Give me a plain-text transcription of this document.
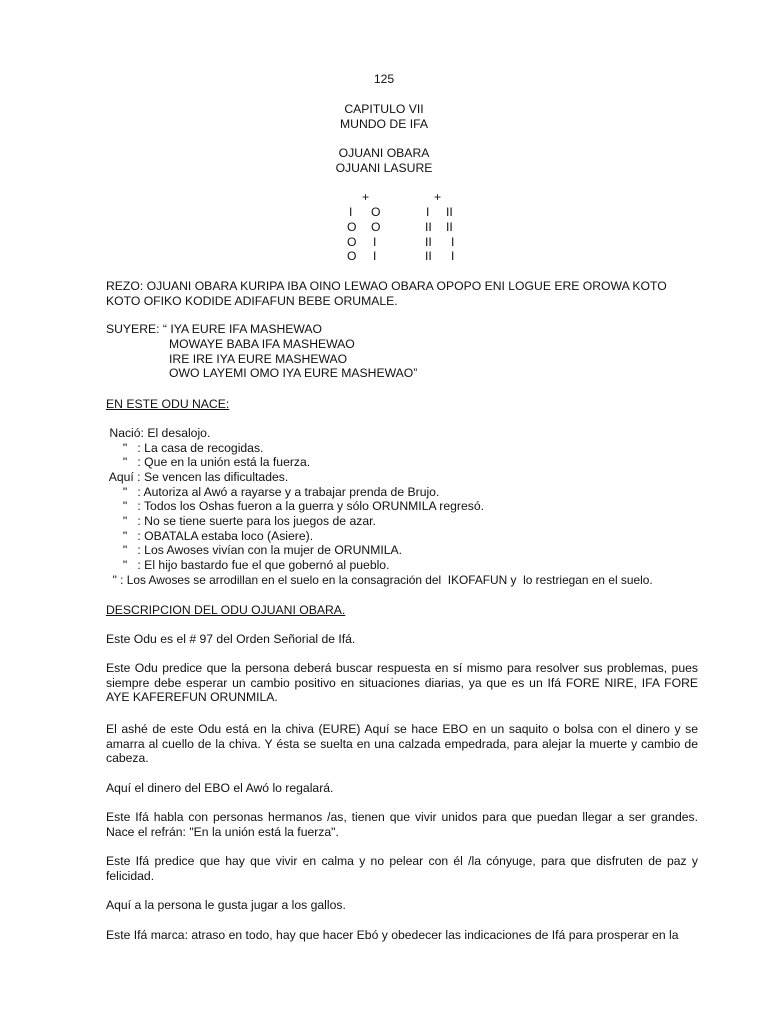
125
CAPITULO VII
MUNDO DE IFA
OJUANI OBARA
OJUANI LASURE
+	+
I O	I II
O O	II II
O I	II I
O I	II I
REZO: OJUANI OBARA KURIPA IBA OINO LEWAO OBARA OPOPO ENI LOGUE ERE OROWA KOTO
KOTO OFIKO KODIDE ADIFAFUN BEBE ORUMALE.
SUYERE: “ IYA EURE IFA MASHEWAO
MOWAYE BABA IFA MASHEWAO
IRE IRE IYA EURE MASHEWAO
OWO LAYEMI OMO IYA EURE MASHEWAO”
EN ESTE ODU NACE:
Nació: El desalojo.
"   : La casa de recogidas.
"   : Que en la unión está la fuerza.
Aquí : Se vencen las dificultades.
"   : Autoriza al Awó a rayarse y a trabajar prenda de Brujo.
"   : Todos los Oshas fueron a la guerra y sólo ORUNMILA regresó.
"   : No se tiene suerte para los juegos de azar.
"   : OBATALA estaba loco (Asiere).
"   : Los Awoses vivían con la mujer de ORUNMILA.
"   : El hijo bastardo fue el que gobernó al pueblo.
" : Los Awoses se arrodillan en el suelo en la consagración del  IKOFAFUN y  lo restriegan en el suelo.
DESCRIPCION DEL ODU OJUANI OBARA.
Este Odu es el # 97 del Orden Señorial de Ifá.
Este Odu predice que la persona deberá buscar respuesta en sí mismo para resolver sus problemas, pues siempre debe esperar un cambio positivo en situaciones diarias, ya que es un Ifá FORE NIRE, IFA FORE AYE KAFEREFUN ORUNMILA.
El ashé de este Odu está en la chiva (EURE) Aquí se hace EBO en un saquito o bolsa con el dinero y se amarra al cuello de la chiva. Y ésta se suelta en una calzada empedrada, para alejar la muerte y cambio de cabeza.
Aquí el dinero del EBO el Awó lo regalará.
Este Ifá habla con personas hermanos /as, tienen que vivir unidos para que puedan llegar a ser grandes. Nace el refrán: "En la unión está la fuerza".
Este Ifá predice que hay que vivir en calma y no pelear con él /la cónyuge, para que disfruten de paz y felicidad.
Aquí a la persona le gusta jugar a los gallos.
Este Ifá marca: atraso en todo, hay que hacer Ebó y obedecer las indicaciones de Ifá para prosperar en la
